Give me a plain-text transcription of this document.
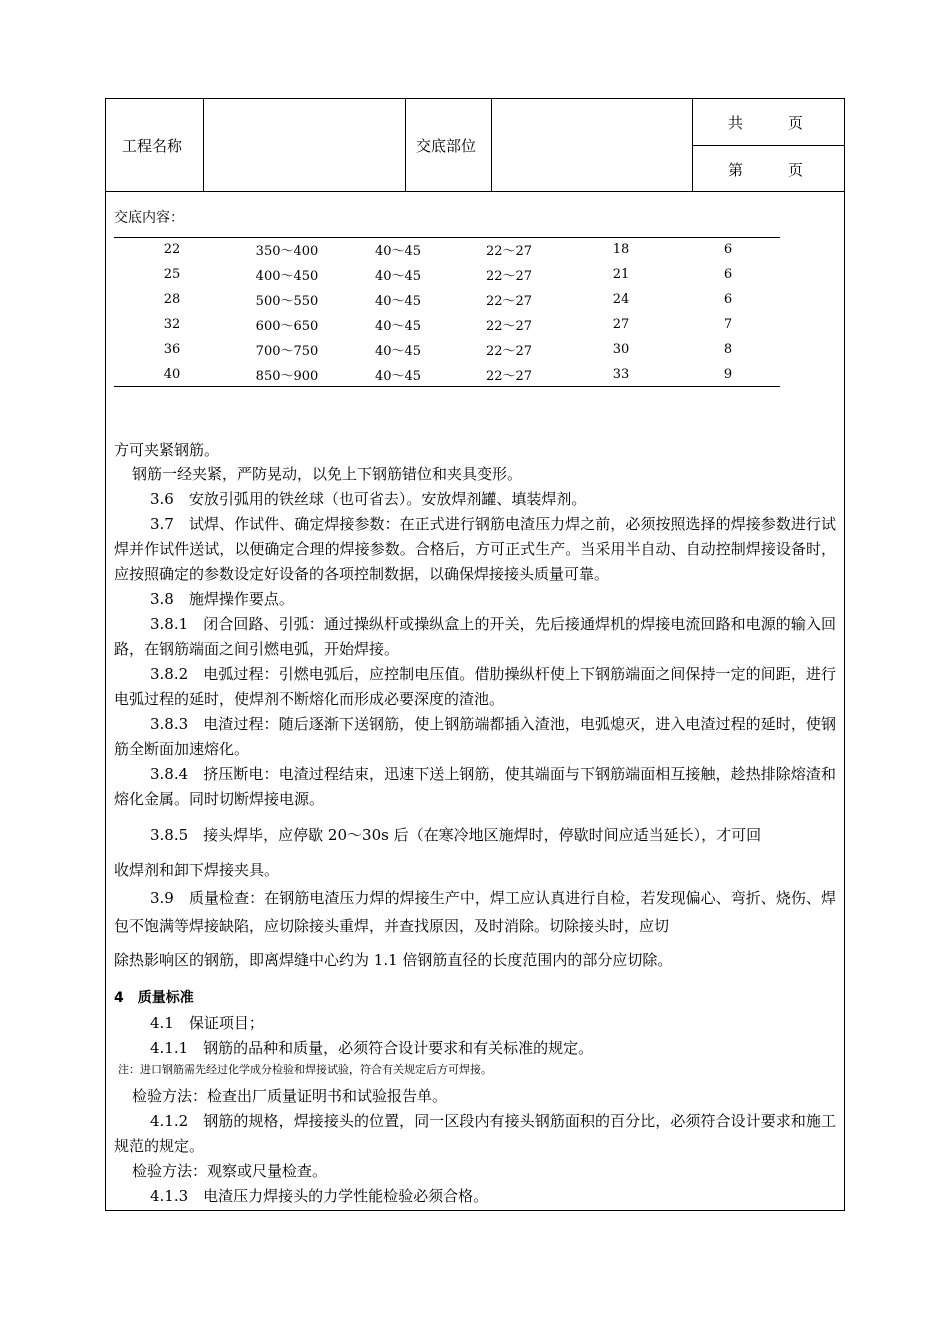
工程名称	交底部位
共　　　页
第　　　页
交底内容：
22	350～400	40～45	22～27	18	6
25	400～450	40～45	22～27	21	6
28	500～550	40～45	22～27	24	6
32	600～650	40～45	22～27	27	7
36	700～750	40～45	22～27	30	8
40	850～900	40～45	22～27	33	9
方可夹紧钢筋。
钢筋一经夹紧，严防晃动，以免上下钢筋错位和夹具变形。
3.6　安放引弧用的铁丝球（也可省去）。安放焊剂罐、填装焊剂。
3.7　试焊、作试件、确定焊接参数：在正式进行钢筋电渣压力焊之前，必须按照选择的焊接参数进行试焊并作试件送试，以便确定合理的焊接参数。合格后，方可正式生产。当采用半自动、自动控制焊接设备时，应按照确定的参数设定好设备的各项控制数据，以确保焊接接头质量可靠。
3.8　施焊操作要点。
3.8.1　闭合回路、引弧：通过操纵杆或操纵盒上的开关，先后接通焊机的焊接电流回路和电源的输入回路，在钢筋端面之间引燃电弧，开始焊接。
3.8.2　电弧过程：引燃电弧后，应控制电压值。借肋操纵杆使上下钢筋端面之间保持一定的间距，进行电弧过程的延时，使焊剂不断熔化而形成必要深度的渣池。
3.8.3　电渣过程：随后逐渐下送钢筋，使上钢筋端都插入渣池，电弧熄灭，进入电渣过程的延时，使钢筋全断面加速熔化。
3.8.4　挤压断电：电渣过程结束，迅速下送上钢筋，使其端面与下钢筋端面相互接触，趁热排除熔渣和熔化金属。同时切断焊接电源。
3.8.5　接头焊毕，应停歇 20～30s 后（在寒冷地区施焊时，停歇时间应适当延长），才可回
收焊剂和卸下焊接夹具。
3.9　质量检查：在钢筋电渣压力焊的焊接生产中，焊工应认真进行自检，若发现偏心、弯折、烧伤、焊包不饱满等焊接缺陷，应切除接头重焊，并查找原因，及时消除。切除接头时，应切
除热影响区的钢筋，即离焊缝中心约为 1.1 倍钢筋直径的长度范围内的部分应切除。
4　质量标准
4.1　保证项目；
4.1.1　钢筋的品种和质量，必须符合设计要求和有关标准的规定。
注：进口钢筋需先经过化学成分检验和焊接试验，符合有关规定后方可焊接。
检验方法：检查出厂质量证明书和试验报告单。
4.1.2　钢筋的规格，焊接接头的位置，同一区段内有接头钢筋面积的百分比，必须符合设计要求和施工规范的规定。
检验方法：观察或尺量检查。
4.1.3　电渣压力焊接头的力学性能检验必须合格。
